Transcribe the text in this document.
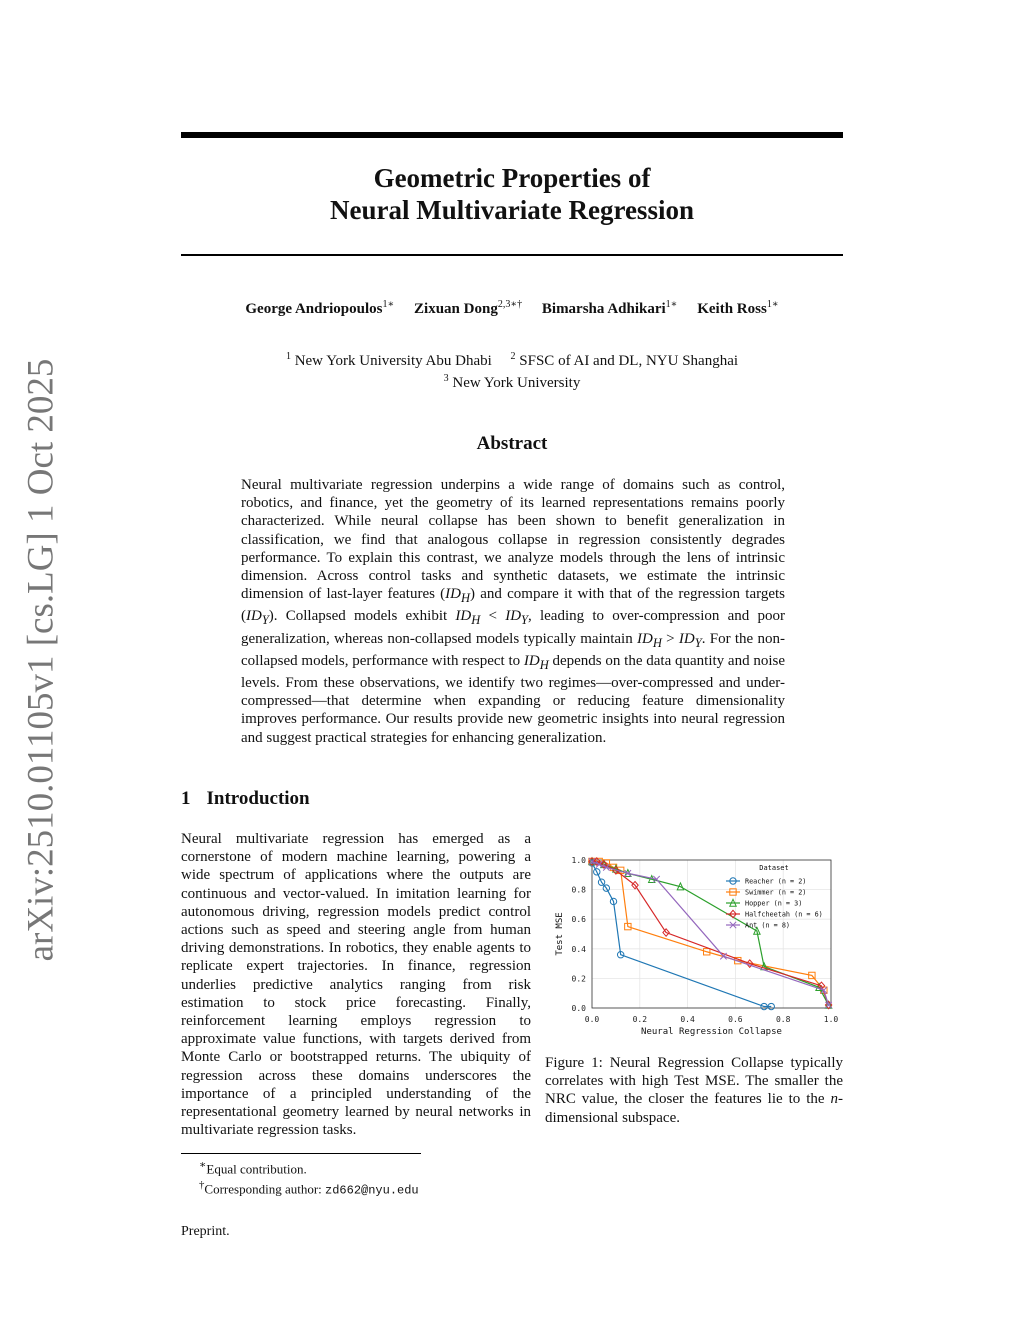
arXiv:2510.01105v1 [cs.LG] 1 Oct 2025
Geometric Properties of
Neural Multivariate Regression
George Andriopoulos$^{1∗}$ Zixuan Dong$^{2,3∗\dagger}$ Bimarsha Adhikari$^{1∗}$ Keith Ross$^{1∗}$
$^1$ New York University Abu Dhabi $^2$ SFSC of AI and DL, NYU Shanghai
$^3$ New York University
Abstract
Neural multivariate regression underpins a wide range of domains such as control, robotics, and finance, yet the geometry of its learned representations remains poorly characterized. While neural collapse has been shown to benefit generalization in classification, we find that analogous collapse in regression consistently degrades performance. To explain this contrast, we analyze models through the lens of intrinsic dimension. Across control tasks and synthetic datasets, we estimate the intrinsic dimension of last-layer features $(ID_H)$ and compare it with that of the regression targets $(ID_Y)$. Collapsed models exhibit $ID_H < ID_Y$, leading to over-compression and poor generalization, whereas non-collapsed models typically maintain $ID_H > ID_Y$. For the non-collapsed models, performance with respect to $ID_H$ depends on the data quantity and noise levels. From these observations, we identify two regimes—over-compressed and under-compressed—that determine when expanding or reducing feature dimensionality improves performance. Our results provide new geometric insights into neural regression and suggest practical strategies for enhancing generalization.
1 Introduction
Neural multivariate regression has emerged as a cornerstone of modern machine learning, powering a wide spectrum of applications where the outputs are continuous and vector-valued. In imitation learning for autonomous driving, regression models predict control actions such as speed and steering angle from human driving demonstrations. In robotics, they enable agents to replicate expert trajectories. In finance, regression underlies predictive analytics ranging from risk estimation to stock price forecasting. Finally, reinforcement learning employs regression to approximate value functions, with targets derived from Monte Carlo or bootstrapped returns. The ubiquity of regression across these domains underscores the importance of a principled understanding of the representational geometry learned by neural networks in multivariate regression tasks.
0.0
0.2
0.4
0.6
0.8
1.0
0.0	0.2	0.4	0.6	0.8	1.0
Neural Regression Collapse
Test MSE
Dataset
Reacher (n = 2)
Swimmer (n = 2)
Hopper (n = 3)
Halfcheetah (n = 6)
Ant (n = 8)
Figure 1: Neural Regression Collapse typically correlates with high Test MSE. The smaller the NRC value, the closer the features lie to the n-dimensional subspace.
∗Equal contribution.
†Corresponding author: zd662@nyu.edu
Preprint.
